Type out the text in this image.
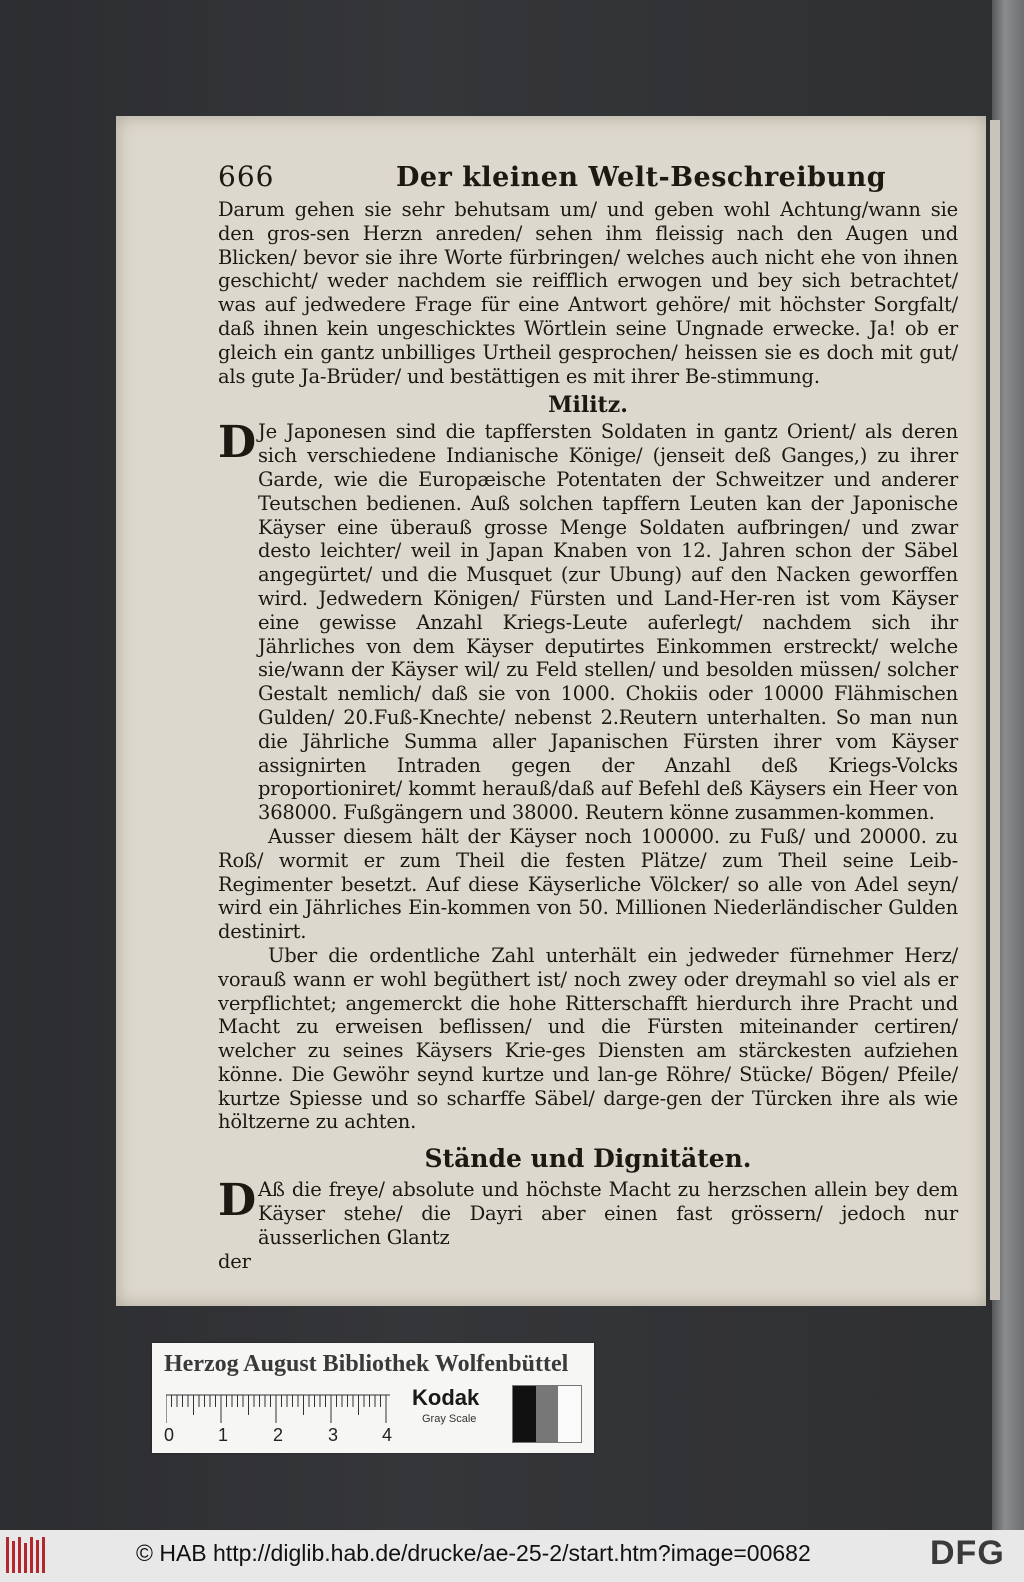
666	Der kleinen Welt-Beschreibung

Darum gehen sie sehr behutsam um/ und geben wohl Achtung/wann sie den gros-sen Herzn anreden/ sehen ihm fleissig nach den Augen und Blicken/ bevor sie ihre Worte fürbringen/ welches auch nicht ehe von ihnen geschicht/ weder nachdem sie reifflich erwogen und bey sich betrachtet/ was auf jedwedere Frage für eine Antwort gehöre/ mit höchster Sorgfalt/ daß ihnen kein ungeschicktes Wörtlein seine Ungnade erwecke. Ja! ob er gleich ein gantz unbilliges Urtheil gesprochen/ heissen sie es doch mit gut/ als gute Ja-Brüder/ und bestättigen es mit ihrer Be-stimmung.

Militz.
D Je Japonesen sind die tapffersten Soldaten in gantz Orient/ als deren sich verschiedene Indianische Könige/ (jenseit deß Ganges,) zu ihrer Garde, wie die Europæische Potentaten der Schweitzer und anderer Teutschen bedienen. Auß solchen tapffern Leuten kan der Japonische Käyser eine überauß grosse Menge Soldaten aufbringen/ und zwar desto leichter/ weil in Japan Knaben von 12. Jahren schon der Säbel angegürtet/ und die Musquet (zur Ubung) auf den Nacken geworffen wird. Jedwedern Königen/ Fürsten und Land-Her-ren ist vom Käyser eine gewisse Anzahl Kriegs-Leute auferlegt/ nachdem sich ihr Jährliches von dem Käyser deputirtes Einkommen erstreckt/ welche sie/wann der Käyser wil/ zu Feld stellen/ und besolden müssen/ solcher Gestalt nemlich/ daß sie von 1000. Chokiis oder 10000 Flähmischen Gulden/ 20.Fuß-Knechte/ nebenst 2.Reutern unterhalten. So man nun die Jährliche Summa aller Japanischen Fürsten ihrer vom Käyser assignirten Intraden gegen der Anzahl deß Kriegs-Volcks proportioniret/ kommt herauß/daß auf Befehl deß Käysers ein Heer von 368000. Fußgängern und 38000. Reutern könne zusammen-kommen.

Ausser diesem hält der Käyser noch 100000. zu Fuß/ und 20000. zu Roß/ wormit er zum Theil die festen Plätze/ zum Theil seine Leib-Regimenter besetzt. Auf diese Käyserliche Völcker/ so alle von Adel seyn/ wird ein Jährliches Ein-kommen von 50. Millionen Niederländischer Gulden destinirt.

Uber die ordentliche Zahl unterhält ein jedweder fürnehmer Herz/ vorauß wann er wohl begüthert ist/ noch zwey oder dreymahl so viel als er verpflichtet; angemerckt die hohe Ritterschafft hierdurch ihre Pracht und Macht zu erweisen beflissen/ und die Fürsten miteinander certiren/ welcher zu seines Käysers Krie-ges Diensten am stärckesten aufziehen könne. Die Gewöhr seynd kurtze und lan-ge Röhre/ Stücke/ Bögen/ Pfeile/ kurtze Spiesse und so scharffe Säbel/ darge-gen der Türcken ihre als wie höltzerne zu achten.

Stände und Dignitäten.
D Aß die freye/ absolute und höchste Macht zu herzschen allein bey dem Käyser stehe/ die Dayri aber einen fast grössern/ jedoch nur äusserlichen Glantz

der

Herzog August Bibliothek Wolfenbüttel
0 1 2 3 4
Kodak
Gray Scale
© HAB http://diglib.hab.de/drucke/ae-25-2/start.htm?image=00682	DFG
